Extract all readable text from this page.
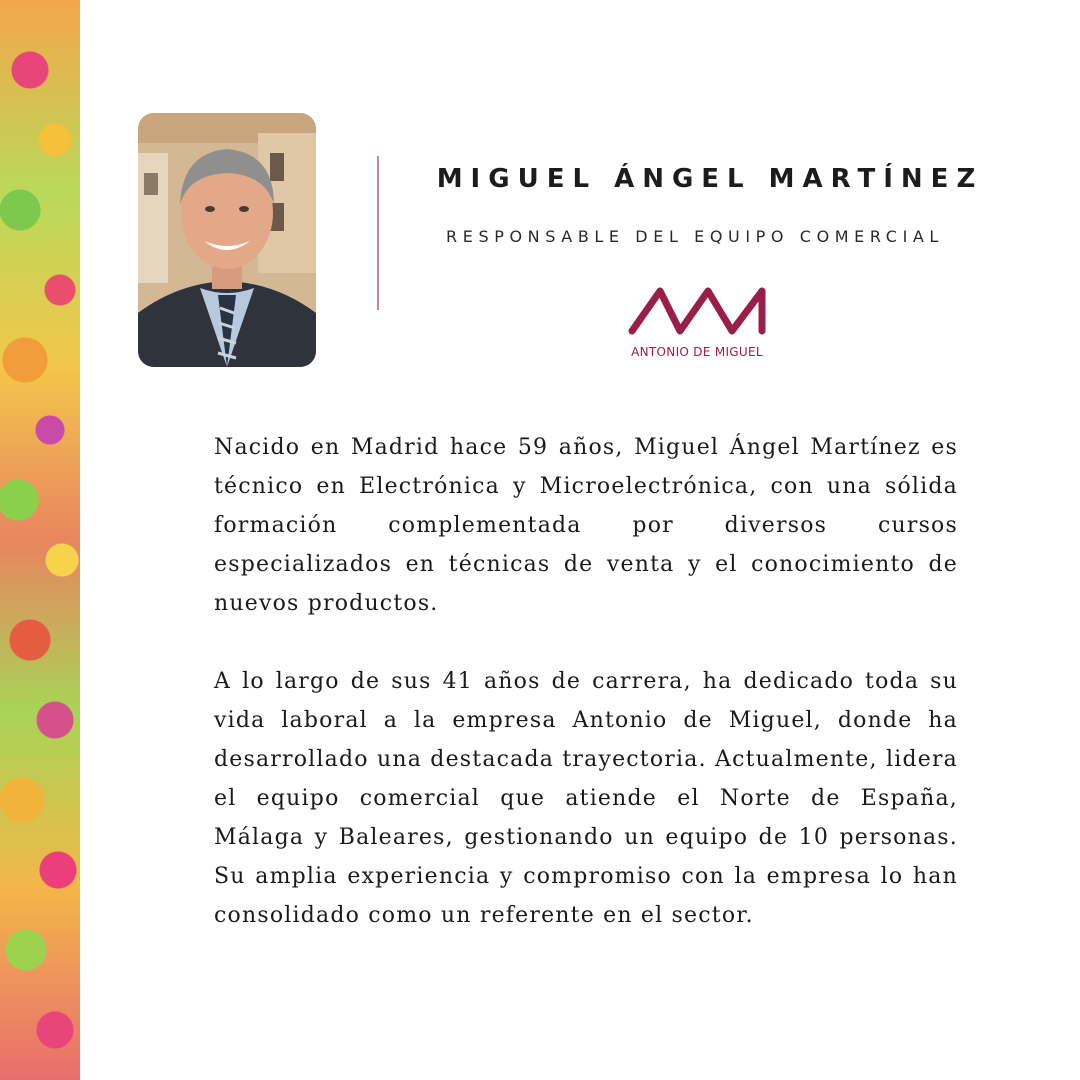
MIGUEL ÁNGEL MARTÍNEZ
RESPONSABLE DEL EQUIPO COMERCIAL
ANTONIO DE MIGUEL

Nacido en Madrid hace 59 años, Miguel Ángel Martínez es técnico en Electrónica y Microelectrónica, con una sólida formación complementada por diversos cursos especializados en técnicas de venta y el conocimiento de nuevos productos.

A lo largo de sus 41 años de carrera, ha dedicado toda su vida laboral a la empresa Antonio de Miguel, donde ha desarrollado una destacada trayectoria. Actualmente, lidera el equipo comercial que atiende el Norte de España, Málaga y Baleares, gestionando un equipo de 10 personas. Su amplia experiencia y compromiso con la empresa lo han consolidado como un referente en el sector.
